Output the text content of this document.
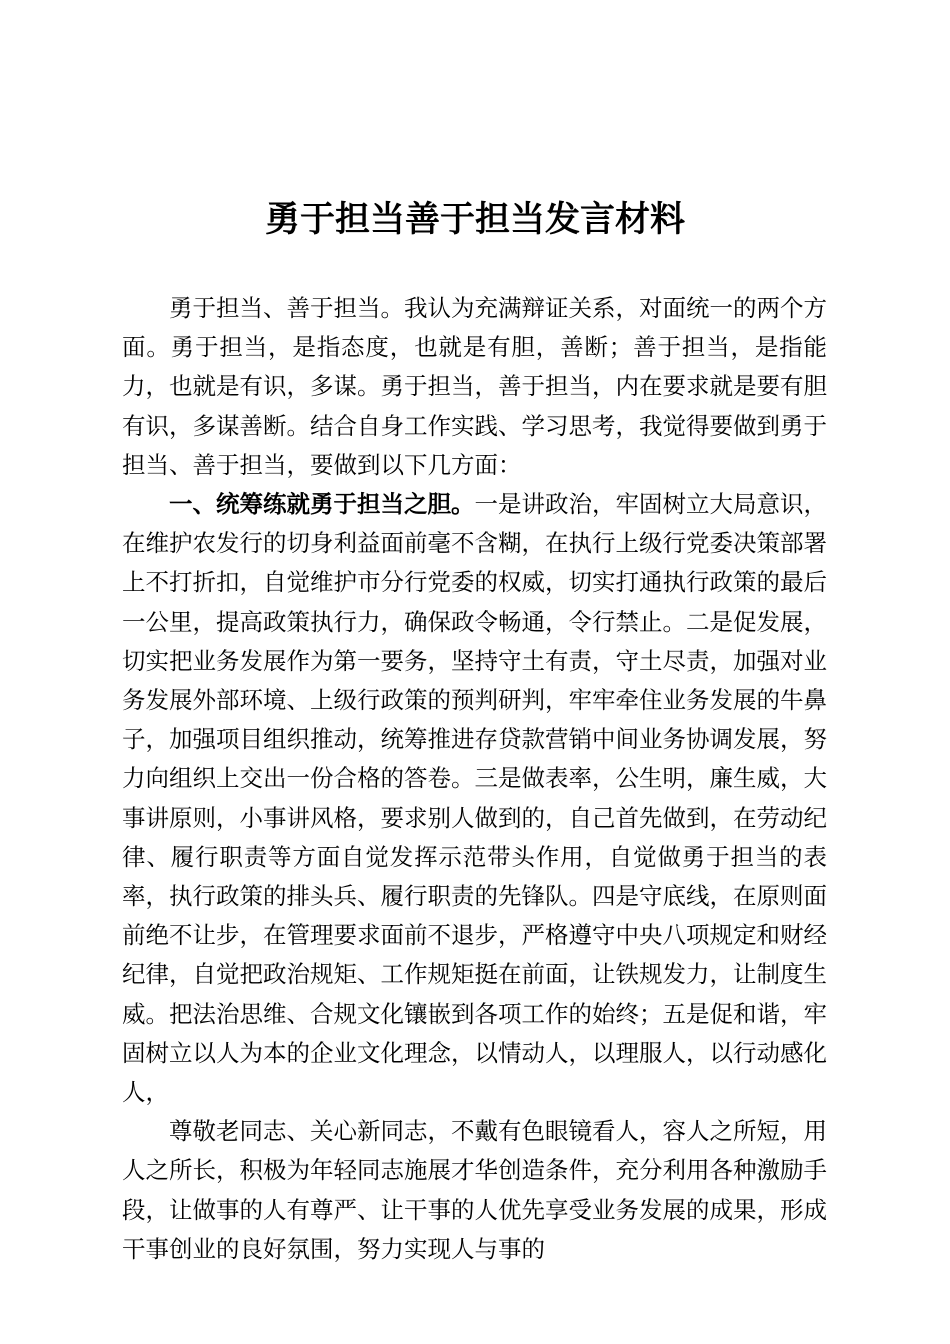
勇于担当善于担当发言材料

勇于担当、善于担当。我认为充满辩证关系，对面统一的两个方面。勇于担当，是指态度，也就是有胆，善断；善于担当，是指能力，也就是有识，多谋。勇于担当，善于担当，内在要求就是要有胆有识，多谋善断。结合自身工作实践、学习思考，我觉得要做到勇于担当、善于担当，要做到以下几方面：

一、统筹练就勇于担当之胆。一是讲政治，牢固树立大局意识，在维护农发行的切身利益面前毫不含糊，在执行上级行党委决策部署上不打折扣，自觉维护市分行党委的权威，切实打通执行政策的最后一公里，提高政策执行力，确保政令畅通，令行禁止。二是促发展，切实把业务发展作为第一要务，坚持守土有责，守土尽责，加强对业务发展外部环境、上级行政策的预判研判，牢牢牵住业务发展的牛鼻子，加强项目组织推动，统筹推进存贷款营销中间业务协调发展，努力向组织上交出一份合格的答卷。三是做表率，公生明，廉生威，大事讲原则，小事讲风格，要求别人做到的，自己首先做到，在劳动纪律、履行职责等方面自觉发挥示范带头作用，自觉做勇于担当的表率，执行政策的排头兵、履行职责的先锋队。四是守底线，在原则面前绝不让步，在管理要求面前不退步，严格遵守中央八项规定和财经纪律，自觉把政治规矩、工作规矩挺在前面，让铁规发力，让制度生威。把法治思维、合规文化镶嵌到各项工作的始终；五是促和谐，牢固树立以人为本的企业文化理念，以情动人，以理服人，以行动感化人，

尊敬老同志、关心新同志，不戴有色眼镜看人，容人之所短，用人之所长，积极为年轻同志施展才华创造条件，充分利用各种激励手段，让做事的人有尊严、让干事的人优先享受业务发展的成果，形成干事创业的良好氛围，努力实现人与事的
